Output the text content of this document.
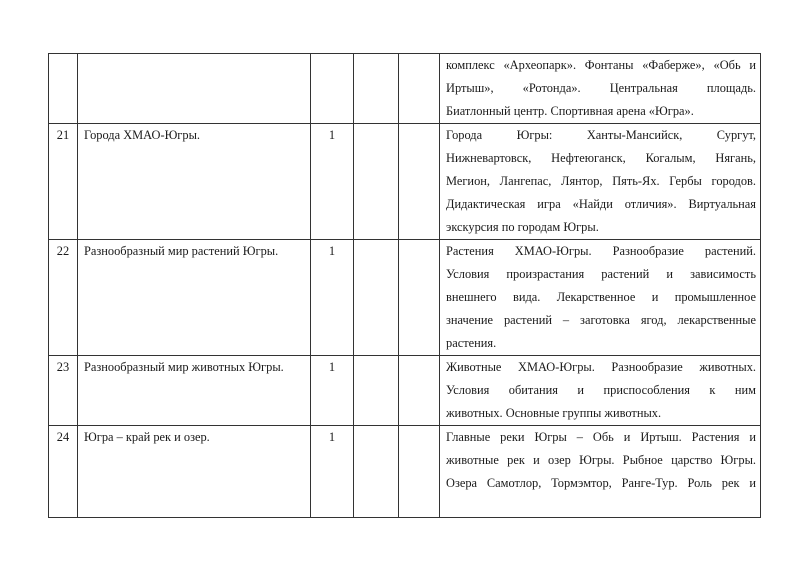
					комплекс «Археопарк». Фонтаны «Фаберже», «Обь и
Иртыш», «Ротонда». Центральная площадь.
Биатлонный центр. Спортивная арена «Югра».

21	Города ХМАО-Югры.	1			Города Югры: Ханты-Мансийск, Сургут,
Нижневартовск, Нефтеюганск, Когалым, Нягань,
Мегион, Лангепас, Лянтор, Пять-Ях. Гербы городов.
Дидактическая игра «Найди отличия». Виртуальная
экскурсия по городам Югры.

22	Разнообразный мир растений Югры.	1			Растения ХМАО-Югры. Разнообразие растений.
Условия произрастания растений и зависимость
внешнего вида. Лекарственное и промышленное
значение растений – заготовка ягод, лекарственные
растения.

23	Разнообразный мир животных Югры.	1			Животные ХМАО-Югры. Разнообразие животных.
Условия обитания и приспособления к ним
животных. Основные группы животных.

24	Югра – край рек и озер.	1			Главные реки Югры – Обь и Иртыш. Растения и
животные рек и озер Югры. Рыбное царство Югры.
Озера Самотлор, Тормэмтор, Ранге-Тур. Роль рек и
